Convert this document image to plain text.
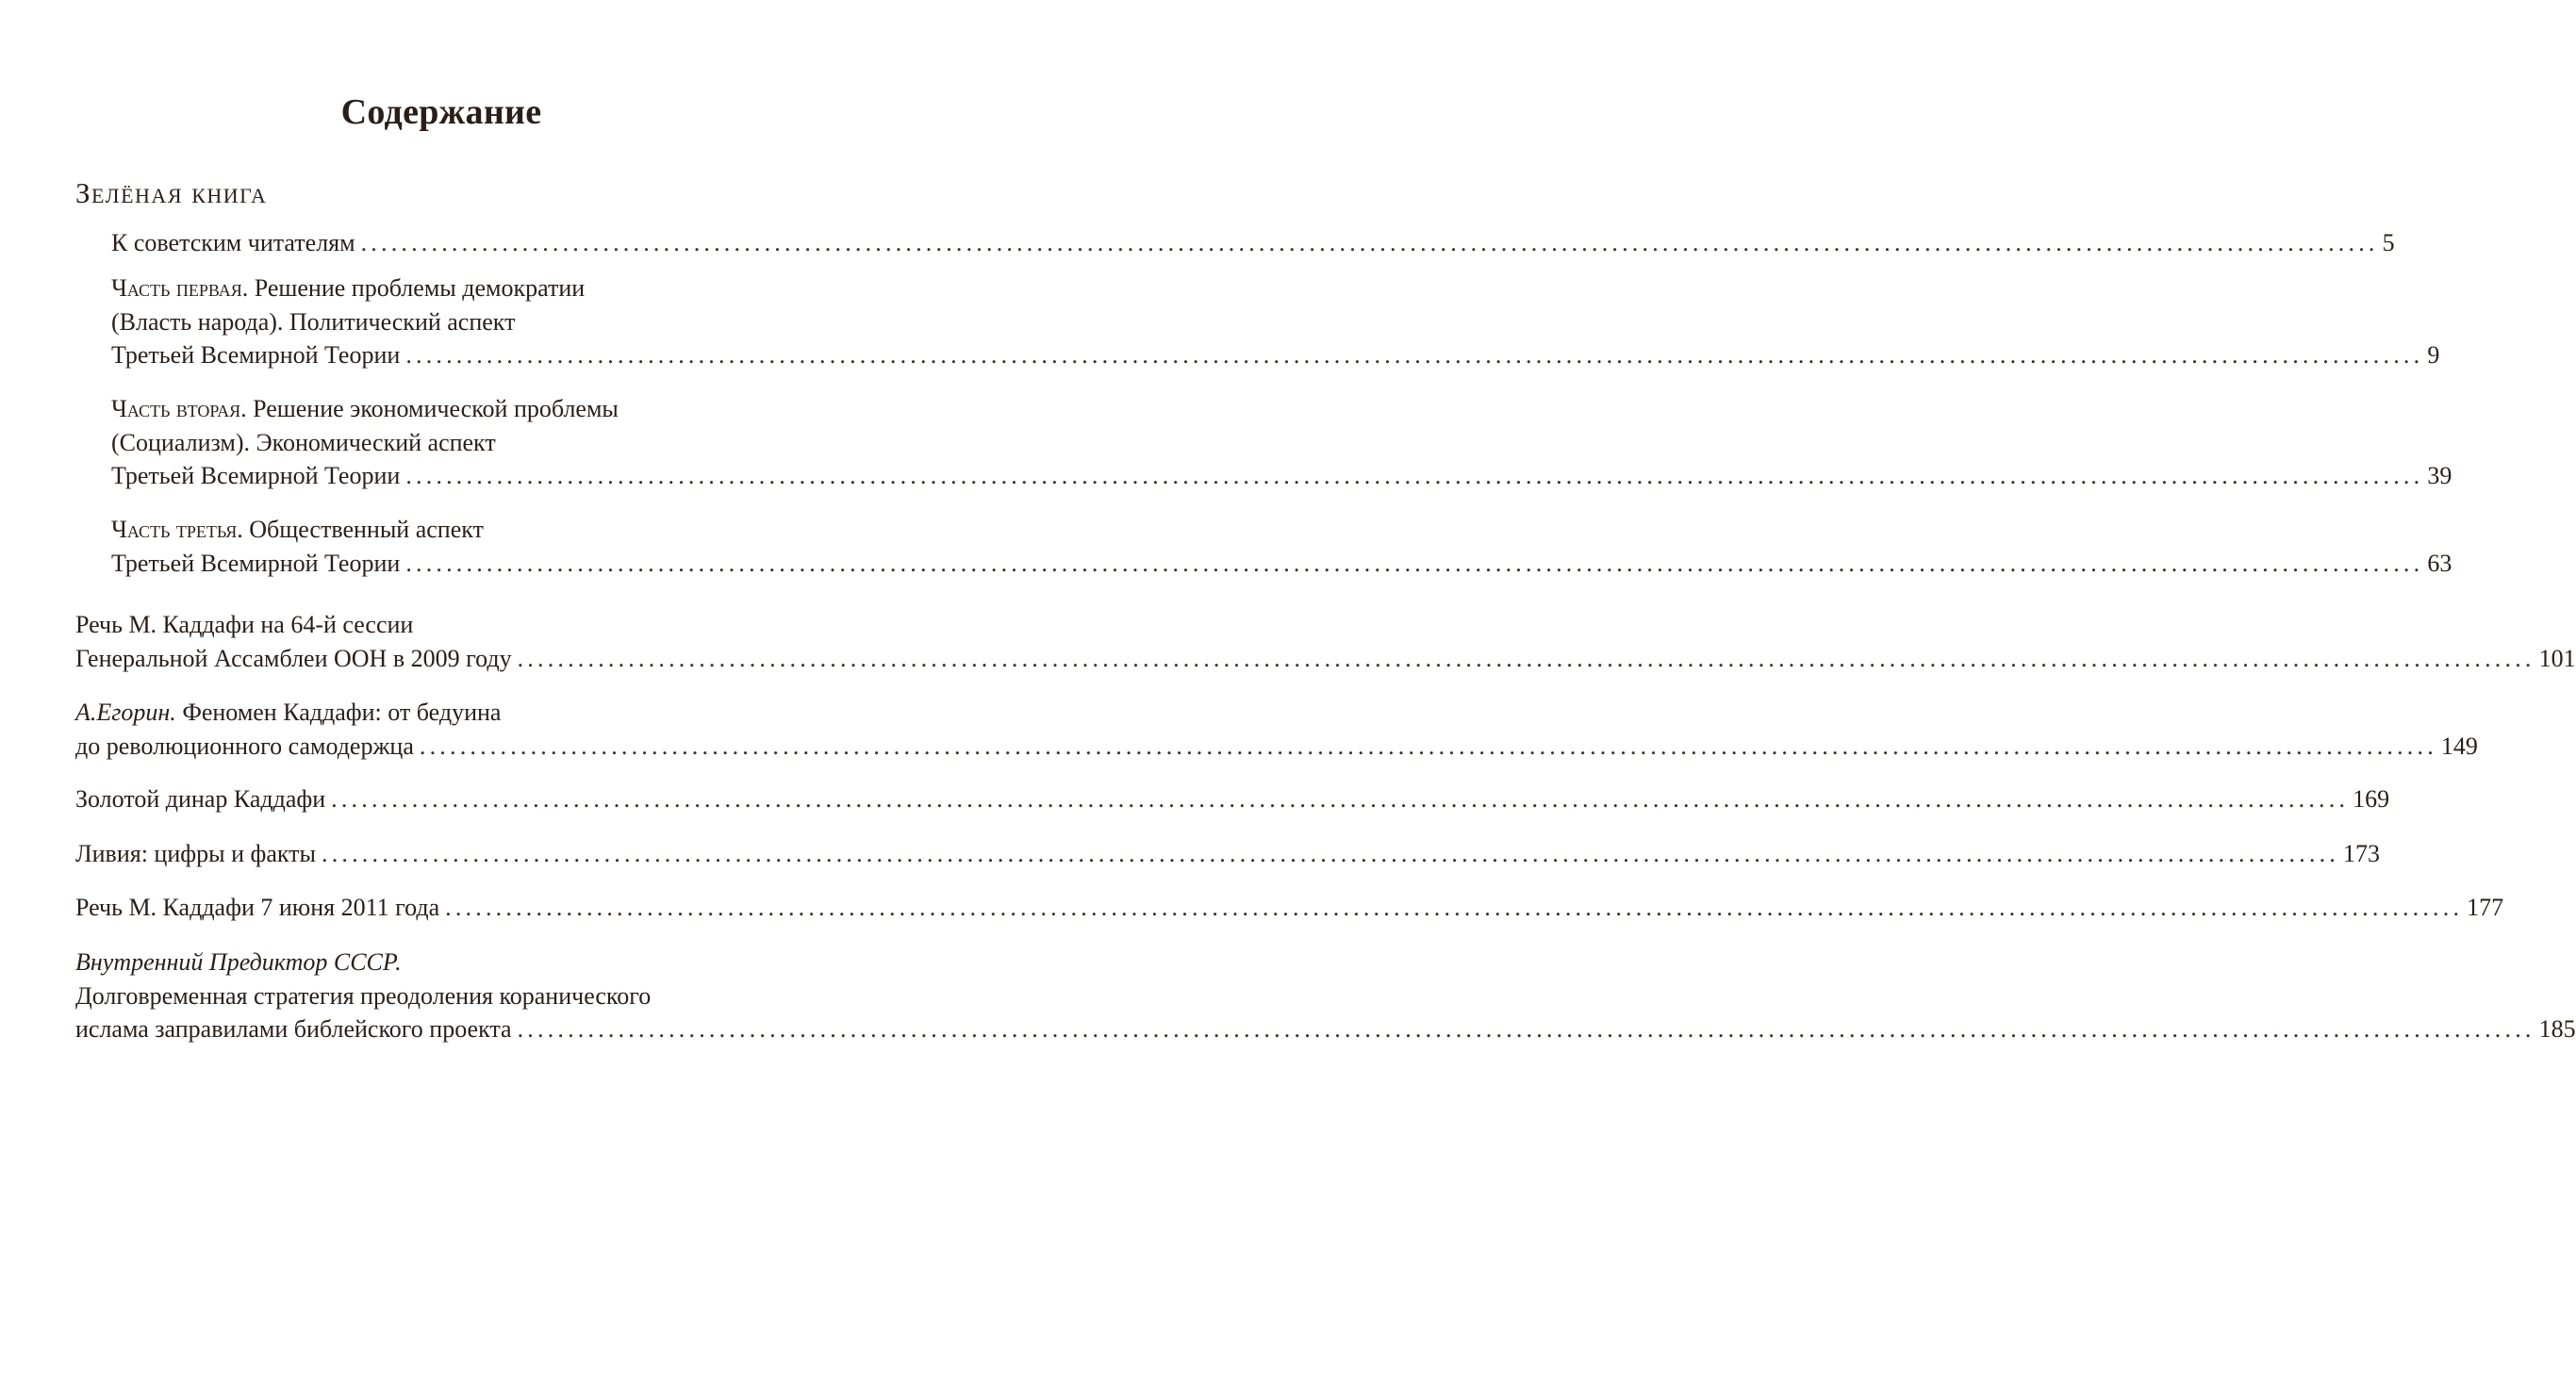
Содержание
Зелёная книга
К советским читателям ........................................................................................................................................................................................................ 5
Часть первая. Решение проблемы демократии
(Власть народа). Политический аспект
Третьей Всемирной Теории ........................................................................................................................................................................................................ 9
Часть вторая. Решение экономической проблемы
(Социализм). Экономический аспект
Третьей Всемирной Теории ........................................................................................................................................................................................................ 39
Часть третья. Общественный аспект
Третьей Всемирной Теории ........................................................................................................................................................................................................ 63
Речь М. Каддафи на 64-й сессии
Генеральной Ассамблеи ООН в 2009 году ........................................................................................................................................................................................................ 101
А.Егорин. Феномен Каддафи: от бедуина
до революционного самодержца ........................................................................................................................................................................................................ 149
Золотой динар Каддафи ........................................................................................................................................................................................................ 169
Ливия: цифры и факты ........................................................................................................................................................................................................ 173
Речь М. Каддафи 7 июня 2011 года ........................................................................................................................................................................................................ 177
Внутренний Предиктор СССР.
Долговременная стратегия преодоления коранического
ислама заправилами библейского проекта ........................................................................................................................................................................................................ 185
